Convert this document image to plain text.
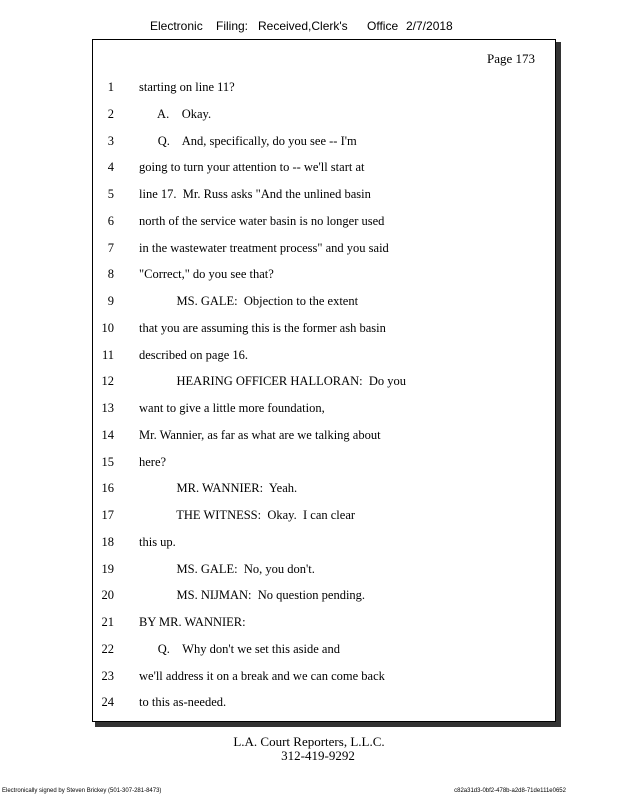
Electronic Filing: Received,Clerk's Office 2/7/2018
Page 173
1 starting on line 11?
2 A.    Okay.
3 Q.    And, specifically, do you see -- I'm
4 going to turn your attention to -- we'll start at
5 line 17.  Mr. Russ asks "And the unlined basin
6 north of the service water basin is no longer used
7 in the wastewater treatment process" and you said
8 "Correct," do you see that?
9 MS. GALE:  Objection to the extent
10 that you are assuming this is the former ash basin
11 described on page 16.
12 HEARING OFFICER HALLORAN:  Do you
13 want to give a little more foundation,
14 Mr. Wannier, as far as what are we talking about
15 here?
16 MR. WANNIER:  Yeah.
17 THE WITNESS:  Okay.  I can clear
18 this up.
19 MS. GALE:  No, you don't.
20 MS. NIJMAN:  No question pending.
21 BY MR. WANNIER:
22 Q.    Why don't we set this aside and
23 we'll address it on a break and we can come back
24 to this as-needed.
L.A. Court Reporters, L.L.C.
312-419-9292
Electronically signed by Steven Brickey (501-307-281-8473)	c82a31d3-0bf2-478b-a2d8-71de111e0652
